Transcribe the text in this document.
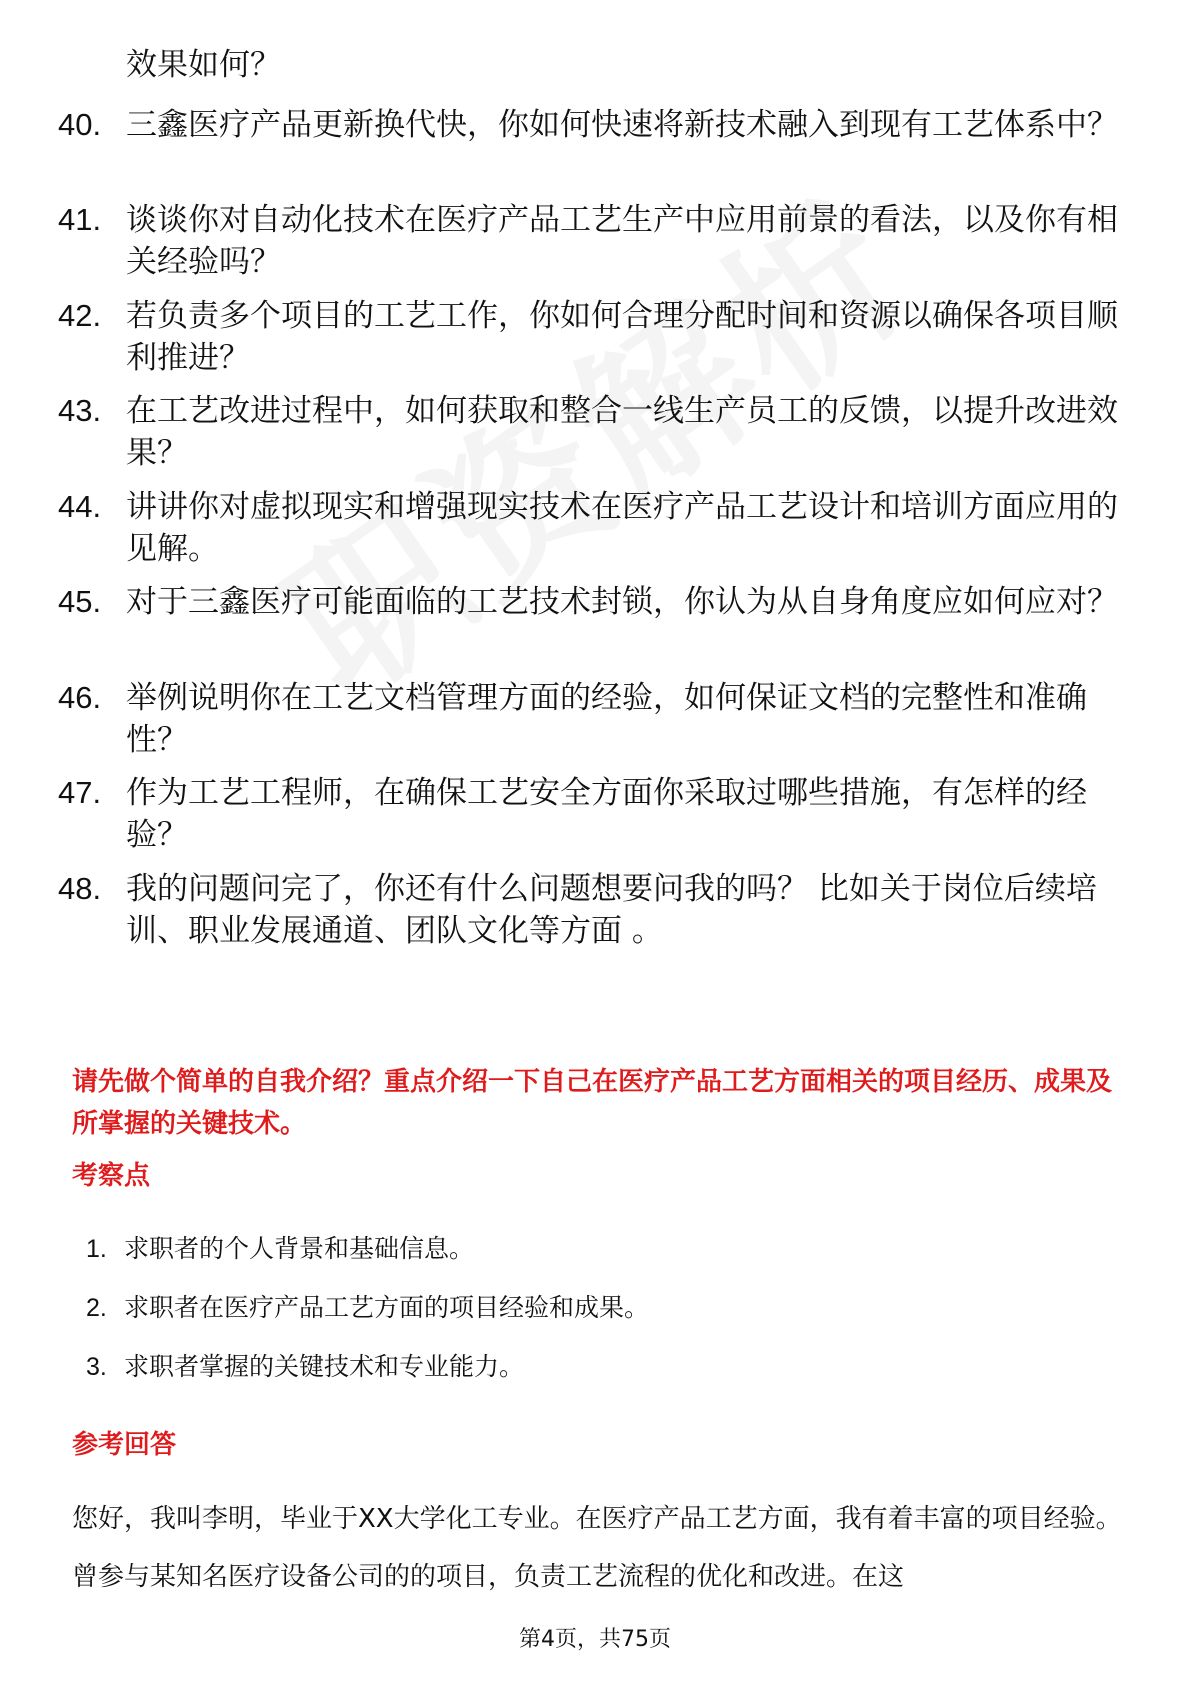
效果如何？
40. 三鑫医疗产品更新换代快，你如何快速将新技术融入到现有工艺体系中？
41. 谈谈你对自动化技术在医疗产品工艺生产中应用前景的看法，以及你有相关经验吗？
42. 若负责多个项目的工艺工作，你如何合理分配时间和资源以确保各项目顺利推进？
43. 在工艺改进过程中，如何获取和整合一线生产员工的反馈，以提升改进效果？
44. 讲讲你对虚拟现实和增强现实技术在医疗产品工艺设计和培训方面应用的见解。
45. 对于三鑫医疗可能面临的工艺技术封锁，你认为从自身角度应如何应对？
46. 举例说明你在工艺文档管理方面的经验，如何保证文档的完整性和准确性？
47. 作为工艺工程师，在确保工艺安全方面你采取过哪些措施，有怎样的经验？
48. 我的问题问完了，你还有什么问题想要问我的吗？ 比如关于岗位后续培训、职业发展通道、团队文化等方面 。
请先做个简单的自我介绍？重点介绍一下自己在医疗产品工艺方面相关的项目经历、成果及所掌握的关键技术。
考察点
1. 求职者的个人背景和基础信息。
2. 求职者在医疗产品工艺方面的项目经验和成果。
3. 求职者掌握的关键技术和专业能力。
参考回答
您好，我叫李明，毕业于XX大学化工专业。在医疗产品工艺方面，我有着丰富的项目经验。曾参与某知名医疗设备公司的的项目，负责工艺流程的优化和改进。在这
第4页，共75页
